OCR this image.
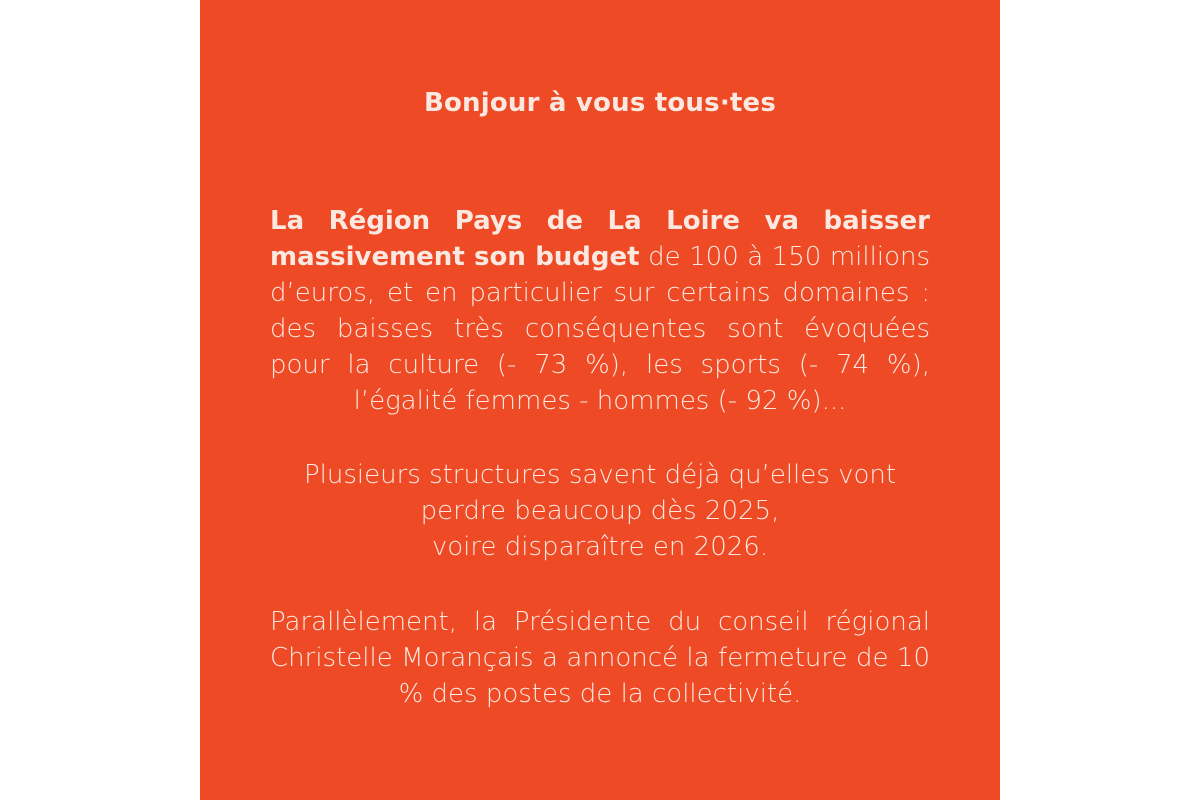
Bonjour à vous tous·tes
La Région Pays de La Loire va baisser massivement son budget de 100 à 150 millions d’euros, et en particulier sur certains domaines : des baisses très conséquentes sont évoquées pour la culture (- 73 %), les sports (- 74 %), l’égalité femmes - hommes (- 92 %)...
Plusieurs structures savent déjà qu’elles vont
perdre beaucoup dès 2025,
voire disparaître en 2026.
Parallèlement, la Présidente du conseil régional Christelle Morançais a annoncé la fermeture de 10 % des postes de la collectivité.
